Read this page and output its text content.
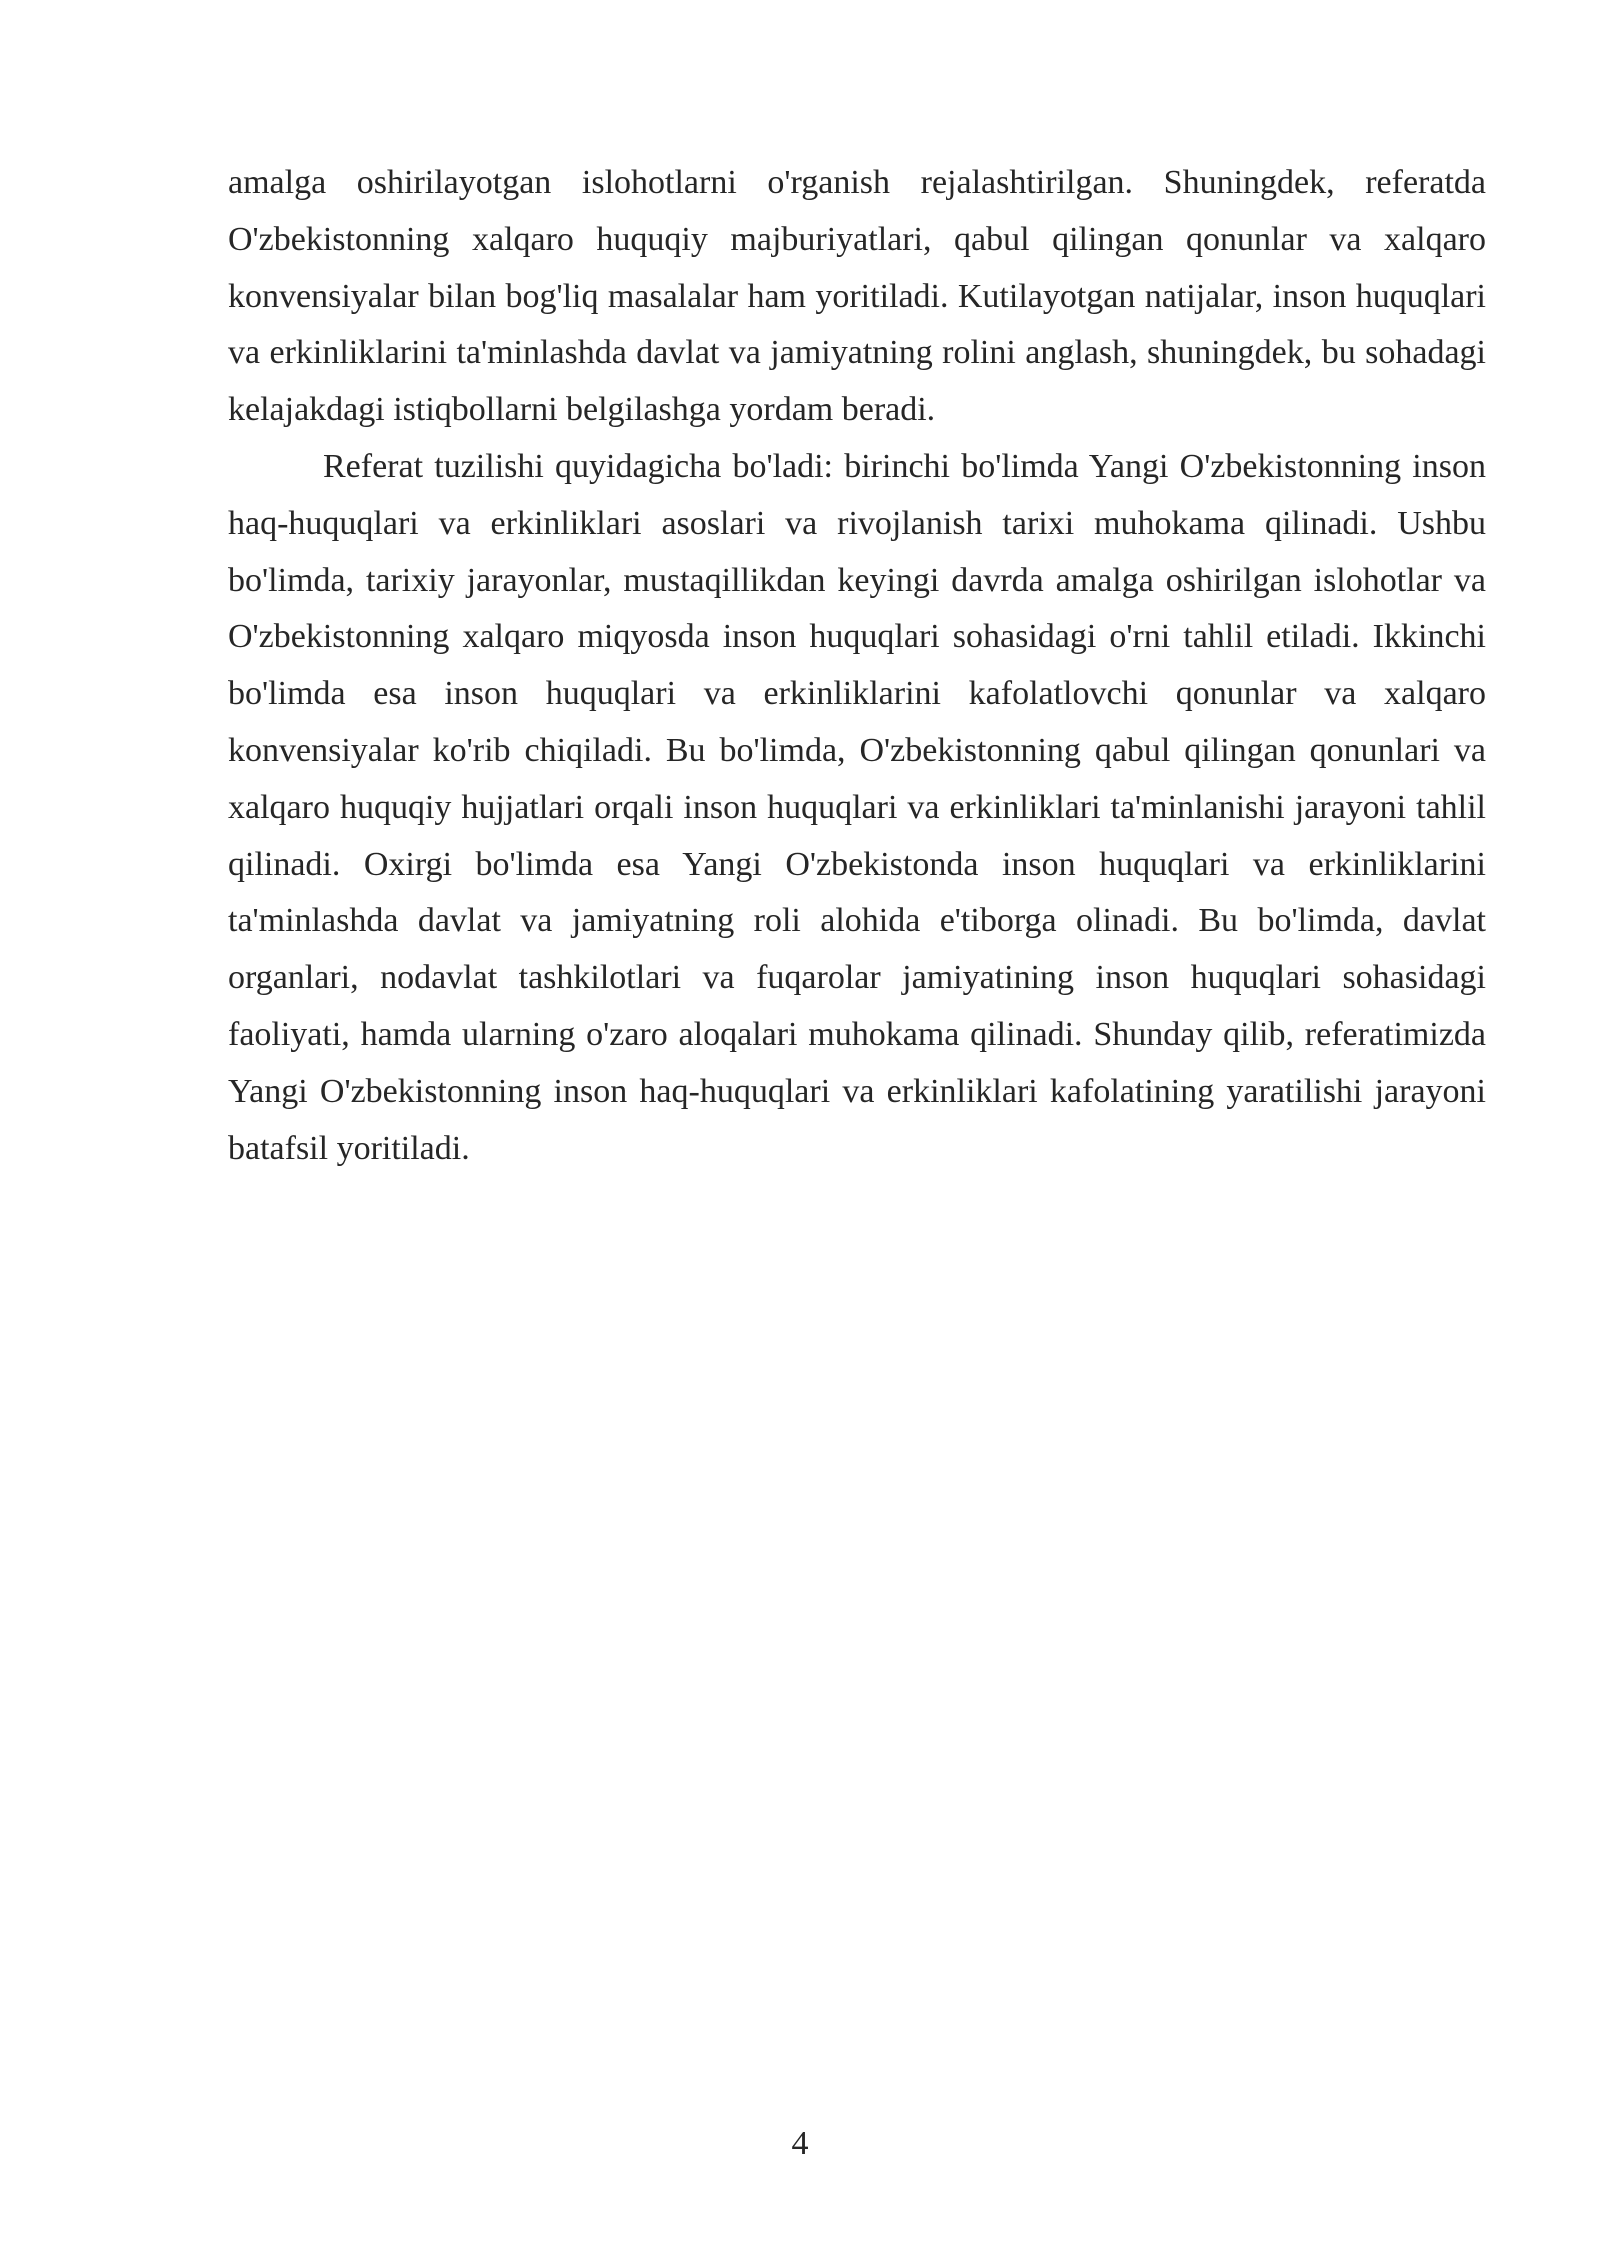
amalga oshirilayotgan islohotlarni o'rganish rejalashtirilgan. Shuningdek, referatda O'zbekistonning xalqaro huquqiy majburiyatlari, qabul qilingan qonunlar va xalqaro konvensiyalar bilan bog'liq masalalar ham yoritiladi. Kutilayotgan natijalar, inson huquqlari va erkinliklarini ta'minlashda davlat va jamiyatning rolini anglash, shuningdek, bu sohadagi kelajakdagi istiqbollarni belgilashga yordam beradi.

Referat tuzilishi quyidagicha bo'ladi: birinchi bo'limda Yangi O'zbekistonning inson haq-huquqlari va erkinliklari asoslari va rivojlanish tarixi muhokama qilinadi. Ushbu bo'limda, tarixiy jarayonlar, mustaqillikdan keyingi davrda amalga oshirilgan islohotlar va O'zbekistonning xalqaro miqyosda inson huquqlari sohasidagi o'rni tahlil etiladi. Ikkinchi bo'limda esa inson huquqlari va erkinliklarini kafolatlovchi qonunlar va xalqaro konvensiyalar ko'rib chiqiladi. Bu bo'limda, O'zbekistonning qabul qilingan qonunlari va xalqaro huquqiy hujjatlari orqali inson huquqlari va erkinliklari ta'minlanishi jarayoni tahlil qilinadi. Oxirgi bo'limda esa Yangi O'zbekistonda inson huquqlari va erkinliklarini ta'minlashda davlat va jamiyatning roli alohida e'tiborga olinadi. Bu bo'limda, davlat organlari, nodavlat tashkilotlari va fuqarolar jamiyatining inson huquqlari sohasidagi faoliyati, hamda ularning o'zaro aloqalari muhokama qilinadi. Shunday qilib, referatimizda Yangi O'zbekistonning inson haq-huquqlari va erkinliklari kafolatining yaratilishi jarayoni batafsil yoritiladi.

4
